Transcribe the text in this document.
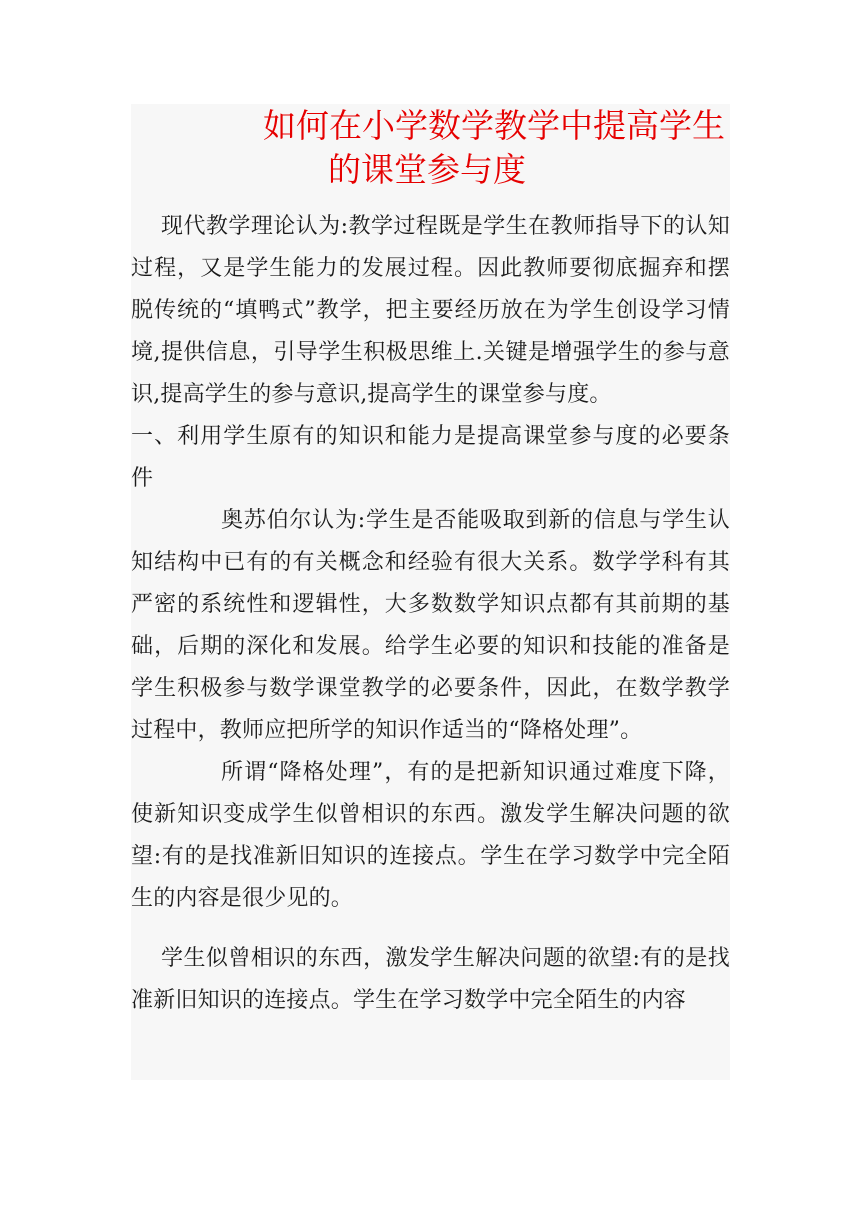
如何在小学数学教学中提高学生
的课堂参与度

现代教学理论认为:教学过程既是学生在教师指导下的认知过程，又是学生能力的发展过程。因此教师要彻底掘弃和摆脱传统的“填鸭式”教学，把主要经历放在为学生创设学习情境,提供信息，引导学生积极思维上.关键是增强学生的参与意识,提高学生的参与意识,提高学生的课堂参与度。

一、利用学生原有的知识和能力是提高课堂参与度的必要条件

奥苏伯尔认为:学生是否能吸取到新的信息与学生认知结构中已有的有关概念和经验有很大关系。数学学科有其严密的系统性和逻辑性，大多数数学知识点都有其前期的基础，后期的深化和发展。给学生必要的知识和技能的准备是学生积极参与数学课堂教学的必要条件，因此，在数学教学过程中，教师应把所学的知识作适当的“降格处理”。

所谓“降格处理”，有的是把新知识通过难度下降，使新知识变成学生似曾相识的东西。激发学生解决问题的欲望:有的是找准新旧知识的连接点。学生在学习数学中完全陌生的内容是很少见的。

学生似曾相识的东西，激发学生解决问题的欲望:有的是找准新旧知识的连接点。学生在学习数学中完全陌生的内容
